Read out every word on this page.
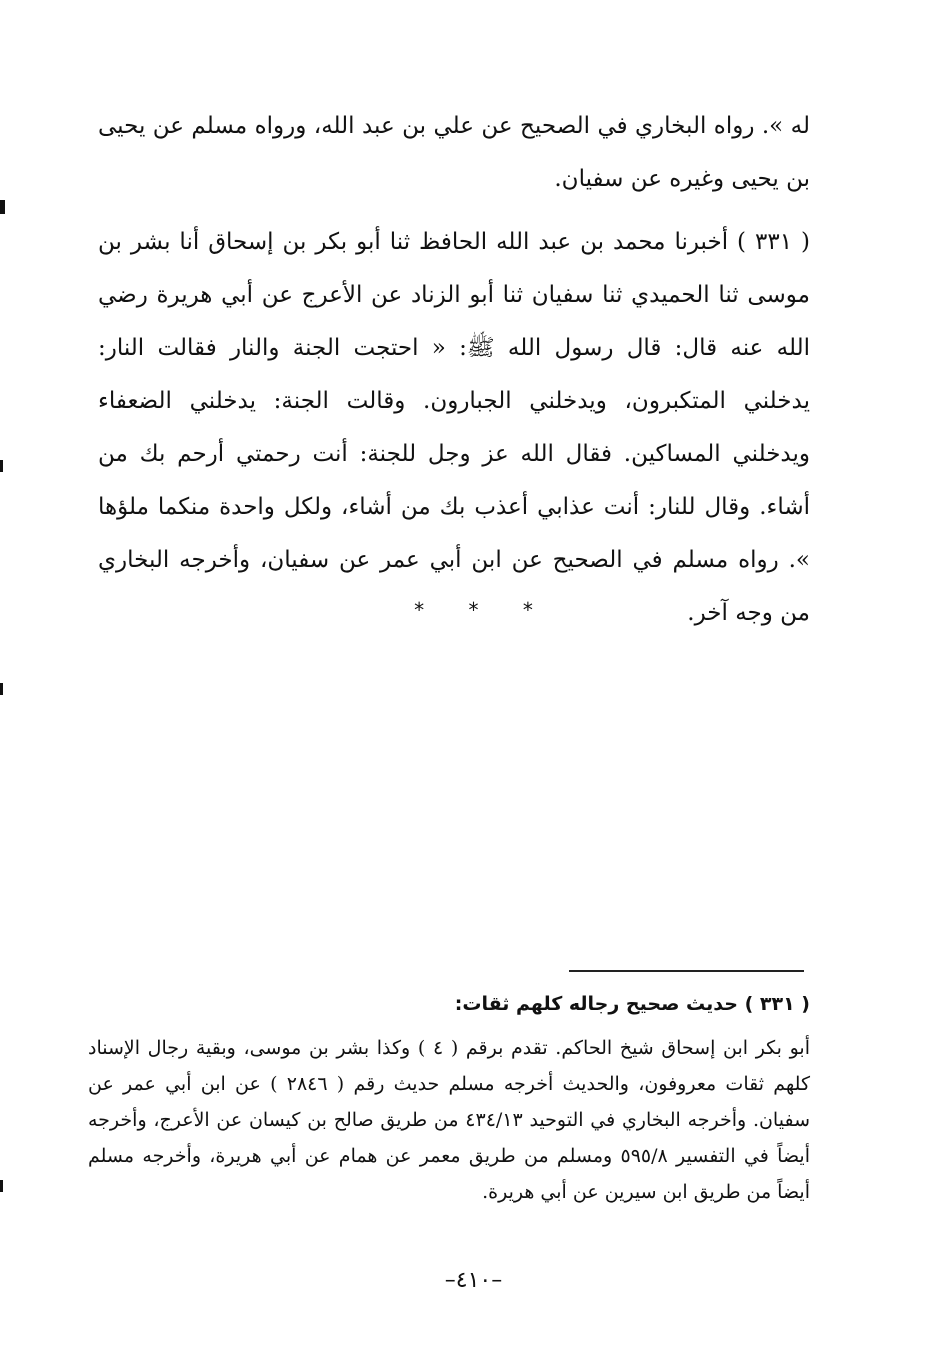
له ». رواه البخاري في الصحيح عن علي بن عبد الله، ورواه مسلم عن يحيى بن يحيى وغيره عن سفيان.
( ٣٣١ ) أخبرنا محمد بن عبد الله الحافظ ثنا أبو بكر بن إسحاق أنا بشر بن موسى ثنا الحميدي ثنا سفيان ثنا أبو الزناد عن الأعرج عن أبي هريرة رضي الله عنه قال: قال رسول الله ﷺ: « احتجت الجنة والنار فقالت النار: يدخلني المتكبرون، ويدخلني الجبارون. وقالت الجنة: يدخلني الضعفاء ويدخلني المساكين. فقال الله عز وجل للجنة: أنت رحمتي أرحم بك من أشاء. وقال للنار: أنت عذابي أعذب بك من أشاء، ولكل واحدة منكما ملؤها ». رواه مسلم في الصحيح عن ابن أبي عمر عن سفيان، وأخرجه البخاري من وجه آخر.
* * *
( ٣٣١ ) حديث صحيح رجاله كلهم ثقات:
أبو بكر ابن إسحاق شيخ الحاكم. تقدم برقم ( ٤ ) وكذا بشر بن موسى، وبقية رجال الإسناد كلهم ثقات معروفون، والحديث أخرجه مسلم حديث رقم ( ٢٨٤٦ ) عن ابن أبي عمر عن سفيان. وأخرجه البخاري في التوحيد ٤٣٤/١٣ من طريق صالح بن كيسان عن الأعرج، وأخرجه أيضاً في التفسير ٥٩٥/٨ ومسلم من طريق معمر عن همام عن أبي هريرة، وأخرجه مسلم أيضاً من طريق ابن سيرين عن أبي هريرة.
–٤١٠–
